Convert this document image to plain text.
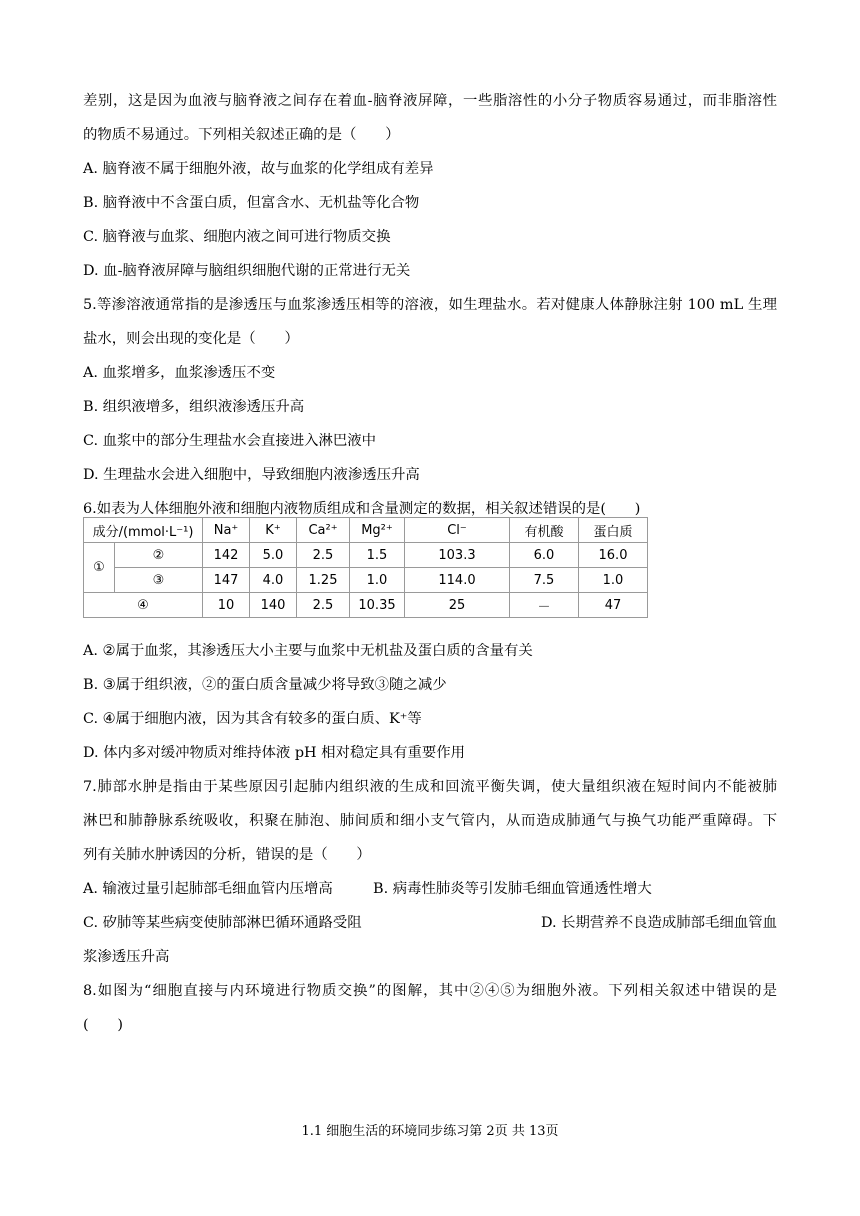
差别，这是因为血液与脑脊液之间存在着血-脑脊液屏障，一些脂溶性的小分子物质容易通过，而非脂溶性
的物质不易通过。下列相关叙述正确的是（　　）
A. 脑脊液不属于细胞外液，故与血浆的化学组成有差异
B. 脑脊液中不含蛋白质，但富含水、无机盐等化合物
C. 脑脊液与血浆、细胞内液之间可进行物质交换
D. 血-脑脊液屏障与脑组织细胞代谢的正常进行无关
5.等渗溶液通常指的是渗透压与血浆渗透压相等的溶液，如生理盐水。若对健康人体静脉注射 100 mL 生理
盐水，则会出现的变化是（　　）
A. 血浆增多，血浆渗透压不变
B. 组织液增多，组织液渗透压升高
C. 血浆中的部分生理盐水会直接进入淋巴液中
D. 生理盐水会进入细胞中，导致细胞内液渗透压升高
6.如表为人体细胞外液和细胞内液物质组成和含量测定的数据，相关叙述错误的是(　　)
成分/(mmol·L⁻¹)		Na⁺	K⁺	Ca²⁺	Mg²⁺	Cl⁻	有机酸	蛋白质
①	②	142	5.0	2.5	1.5	103.3	6.0	16.0
	③	147	4.0	1.25	1.0	114.0	7.5	1.0
④		10	140	2.5	10.35	25	－	47
A. ②属于血浆，其渗透压大小主要与血浆中无机盐及蛋白质的含量有关
B. ③属于组织液，②的蛋白质含量减少将导致③随之减少
C. ④属于细胞内液，因为其含有较多的蛋白质、K⁺等
D. 体内多对缓冲物质对维持体液 pH 相对稳定具有重要作用
7.肺部水肿是指由于某些原因引起肺内组织液的生成和回流平衡失调，使大量组织液在短时间内不能被肺
淋巴和肺静脉系统吸收，积聚在肺泡、肺间质和细小支气管内，从而造成肺通气与换气功能严重障碍。下
列有关肺水肿诱因的分析，错误的是（　　）
A. 输液过量引起肺部毛细血管内压增高	B. 病毒性肺炎等引发肺毛细血管通透性增大
C. 矽肺等某些病变使肺部淋巴循环通路受阻	D. 长期营养不良造成肺部毛细血管血
浆渗透压升高
8.如图为“细胞直接与内环境进行物质交换”的图解，其中②④⑤为细胞外液。下列相关叙述中错误的是
(　　)
1.1 细胞生活的环境同步练习第 2页 共 13页
